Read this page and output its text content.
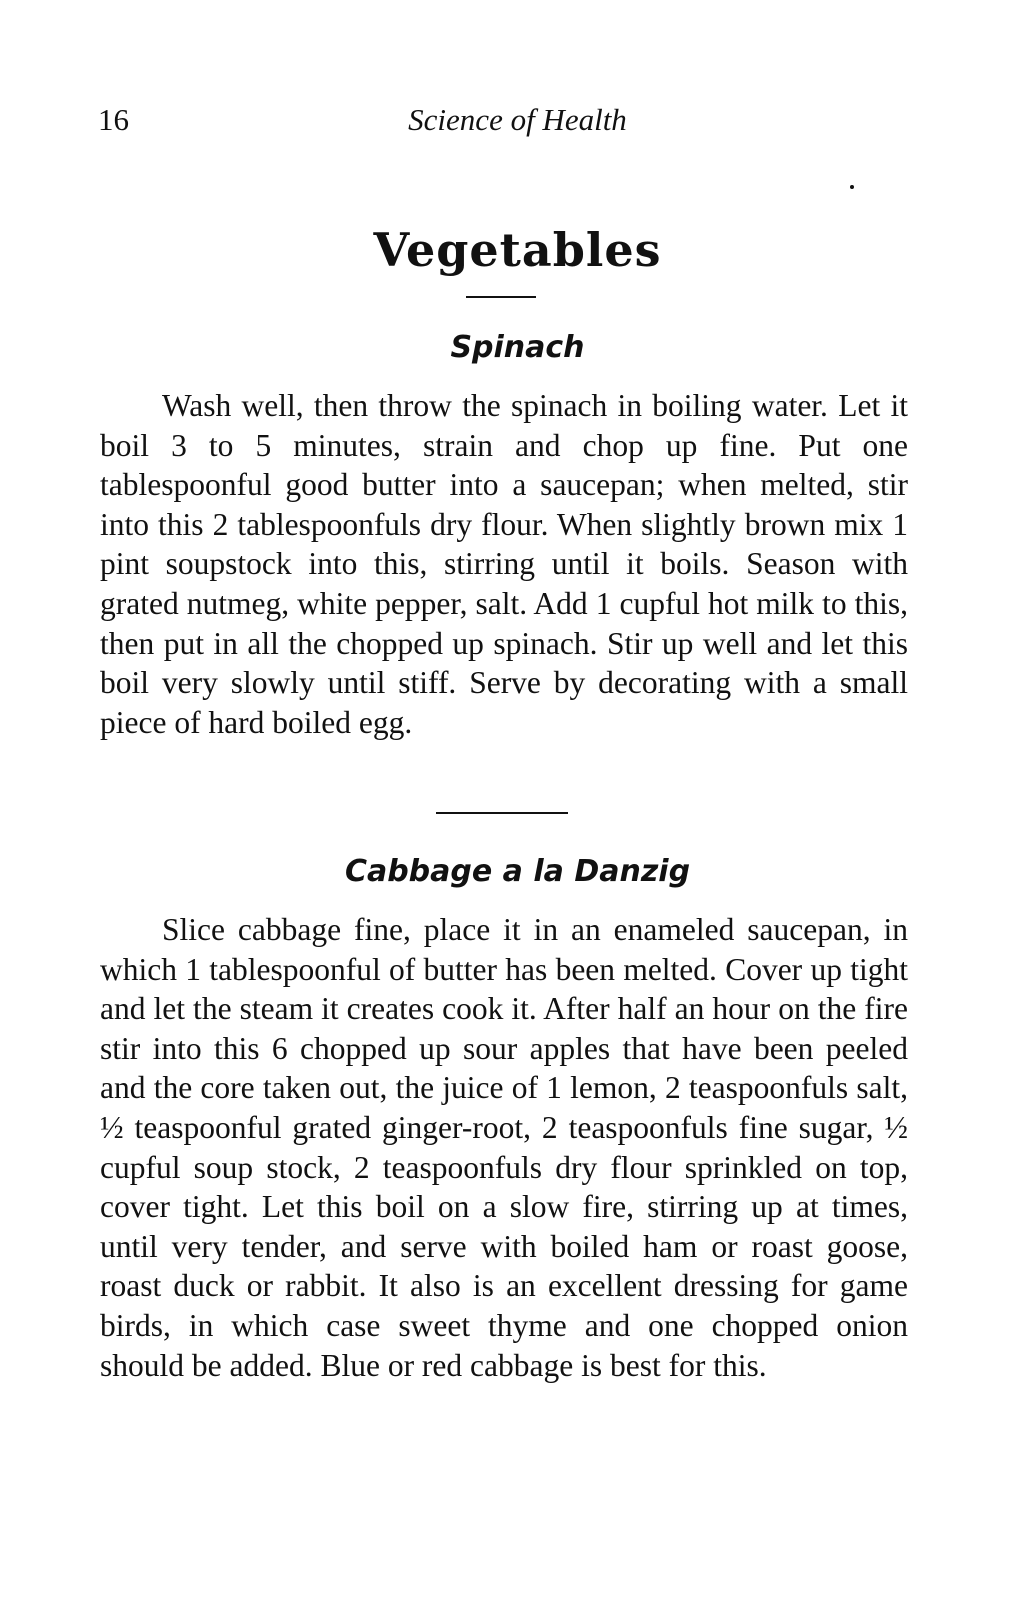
16	Science of Health
Vegetables
Spinach

Wash well, then throw the spinach in boiling water. Let it boil 3 to 5 minutes, strain and chop up fine. Put one tablespoonful good butter into a saucepan; when melted, stir into this 2 tablespoonfuls dry flour. When slightly brown mix 1 pint soupstock into this, stirring until it boils. Season with grated nutmeg, white pepper, salt. Add 1 cupful hot milk to this, then put in all the chopped up spinach. Stir up well and let this boil very slowly until stiff. Serve by decorating with a small piece of hard boiled egg.

Cabbage a la Danzig

Slice cabbage fine, place it in an enameled saucepan, in which 1 tablespoonful of butter has been melted. Cover up tight and let the steam it creates cook it. After half an hour on the fire stir into this 6 chopped up sour apples that have been peeled and the core taken out, the juice of 1 lemon, 2 teaspoonfuls salt, ½ teaspoonful grated ginger-root, 2 teaspoonfuls fine sugar, ½ cupful soup stock, 2 teaspoonfuls dry flour sprinkled on top, cover tight. Let this boil on a slow fire, stirring up at times, until very tender, and serve with boiled ham or roast goose, roast duck or rabbit. It also is an excellent dressing for game birds, in which case sweet thyme and one chopped onion should be added. Blue or red cabbage is best for this.
